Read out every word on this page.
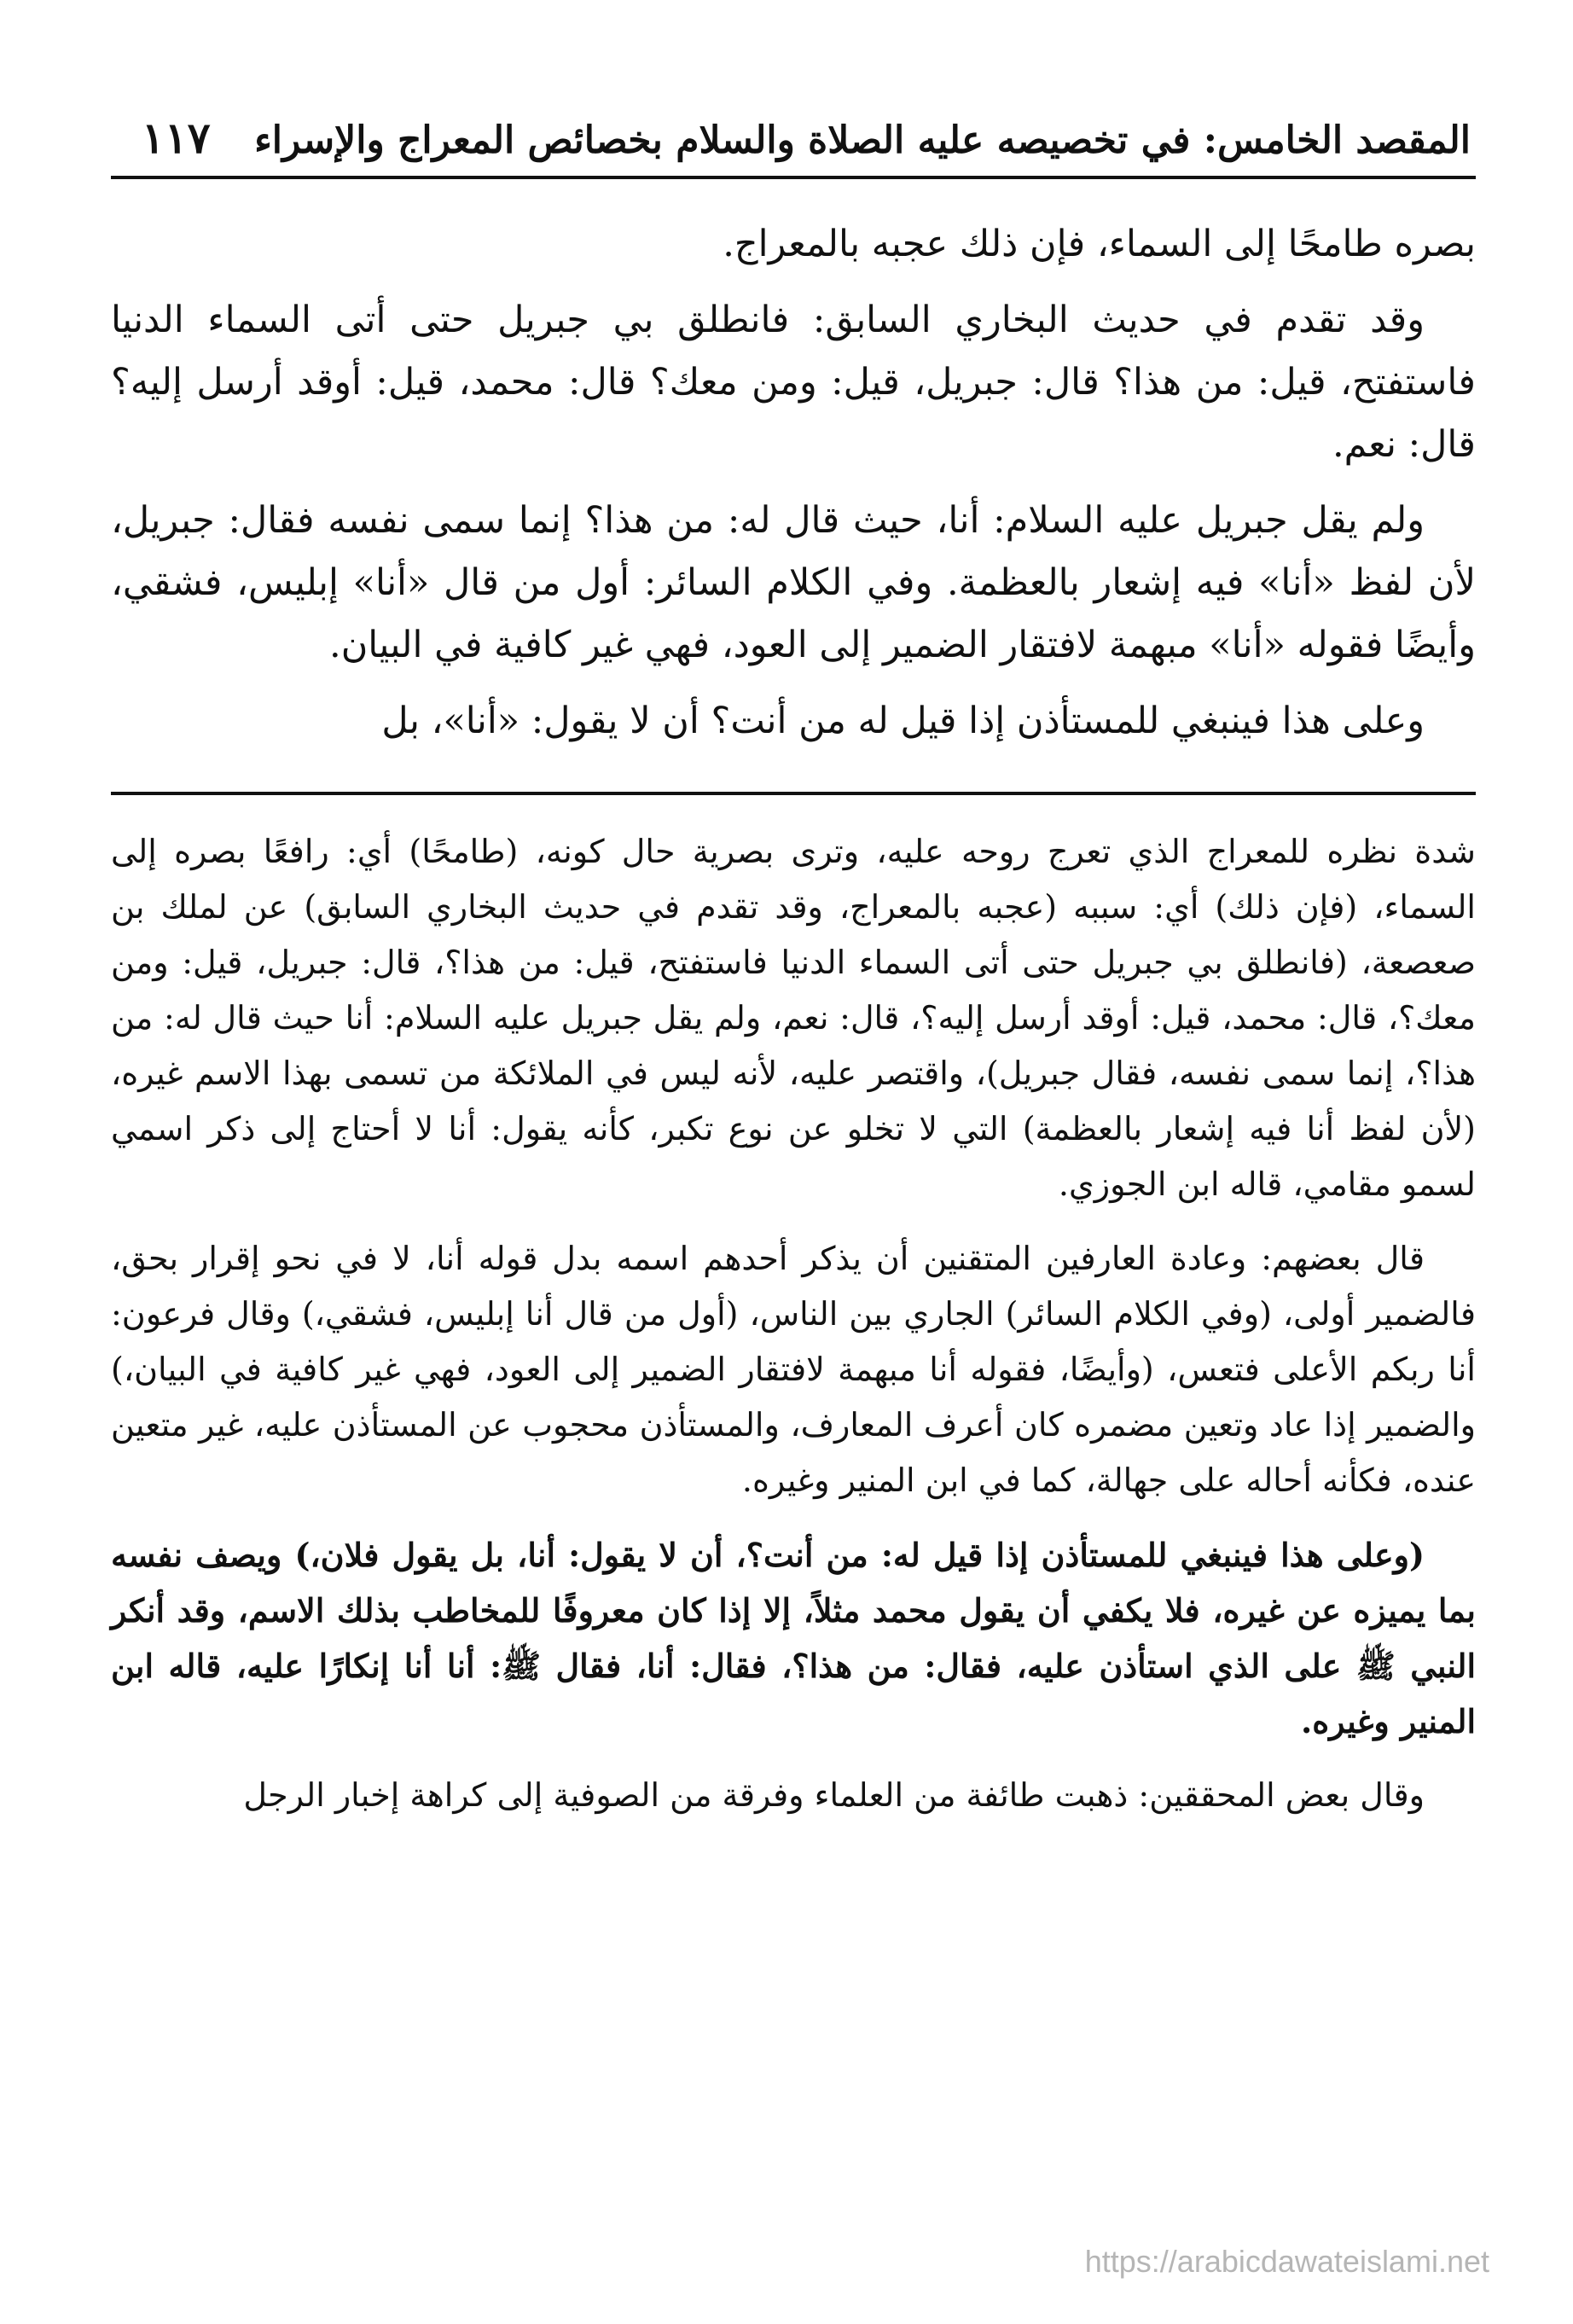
المقصد الخامس: في تخصيصه عليه الصلاة والسلام بخصائص المعراج والإسراء
١١٧

بصره طامحًا إلى السماء، فإن ذلك عجبه بالمعراج.

وقد تقدم في حديث البخاري السابق: فانطلق بي جبريل حتى أتى السماء الدنيا فاستفتح، قيل: من هذا؟ قال: جبريل، قيل: ومن معك؟ قال: محمد، قيل: أوقد أرسل إليه؟ قال: نعم.

ولم يقل جبريل عليه السلام: أنا، حيث قال له: من هذا؟ إنما سمى نفسه فقال: جبريل، لأن لفظ «أنا» فيه إشعار بالعظمة. وفي الكلام السائر: أول من قال «أنا» إبليس، فشقي، وأيضًا فقوله «أنا» مبهمة لافتقار الضمير إلى العود، فهي غير كافية في البيان.

وعلى هذا فينبغي للمستأذن إذا قيل له من أنت؟ أن لا يقول: «أنا»، بل

شدة نظره للمعراج الذي تعرج روحه عليه، وترى بصرية حال كونه، (طامحًا) أي: رافعًا بصره إلى السماء، (فإن ذلك) أي: سببه (عجبه بالمعراج، وقد تقدم في حديث البخاري السابق) عن لملك بن صعصعة، (فانطلق بي جبريل حتى أتى السماء الدنيا فاستفتح، قيل: من هذا؟، قال: جبريل، قيل: ومن معك؟، قال: محمد، قيل: أوقد أرسل إليه؟، قال: نعم، ولم يقل جبريل عليه السلام: أنا حيث قال له: من هذا؟، إنما سمى نفسه، فقال جبريل)، واقتصر عليه، لأنه ليس في الملائكة من تسمى بهذا الاسم غيره، (لأن لفظ أنا فيه إشعار بالعظمة) التي لا تخلو عن نوع تكبر، كأنه يقول: أنا لا أحتاج إلى ذكر اسمي لسمو مقامي، قاله ابن الجوزي.

قال بعضهم: وعادة العارفين المتقنين أن يذكر أحدهم اسمه بدل قوله أنا، لا في نحو إقرار بحق، فالضمير أولى، (وفي الكلام السائر) الجاري بين الناس، (أول من قال أنا إبليس، فشقي،) وقال فرعون: أنا ربكم الأعلى فتعس، (وأيضًا، فقوله أنا مبهمة لافتقار الضمير إلى العود، فهي غير كافية في البيان،) والضمير إذا عاد وتعين مضمره كان أعرف المعارف، والمستأذن محجوب عن المستأذن عليه، غير متعين عنده، فكأنه أحاله على جهالة، كما في ابن المنير وغيره.

(وعلى هذا فينبغي للمستأذن إذا قيل له: من أنت؟، أن لا يقول: أنا، بل يقول فلان،) ويصف نفسه بما يميزه عن غيره، فلا يكفي أن يقول محمد مثلاً، إلا إذا كان معروفًا للمخاطب بذلك الاسم، وقد أنكر النبي ﷺ على الذي استأذن عليه، فقال: من هذا؟، فقال: أنا، فقال ﷺ: أنا أنا إنكارًا عليه، قاله ابن المنير وغيره.

وقال بعض المحققين: ذهبت طائفة من العلماء وفرقة من الصوفية إلى كراهة إخبار الرجل

https://arabicdawateislami.net
